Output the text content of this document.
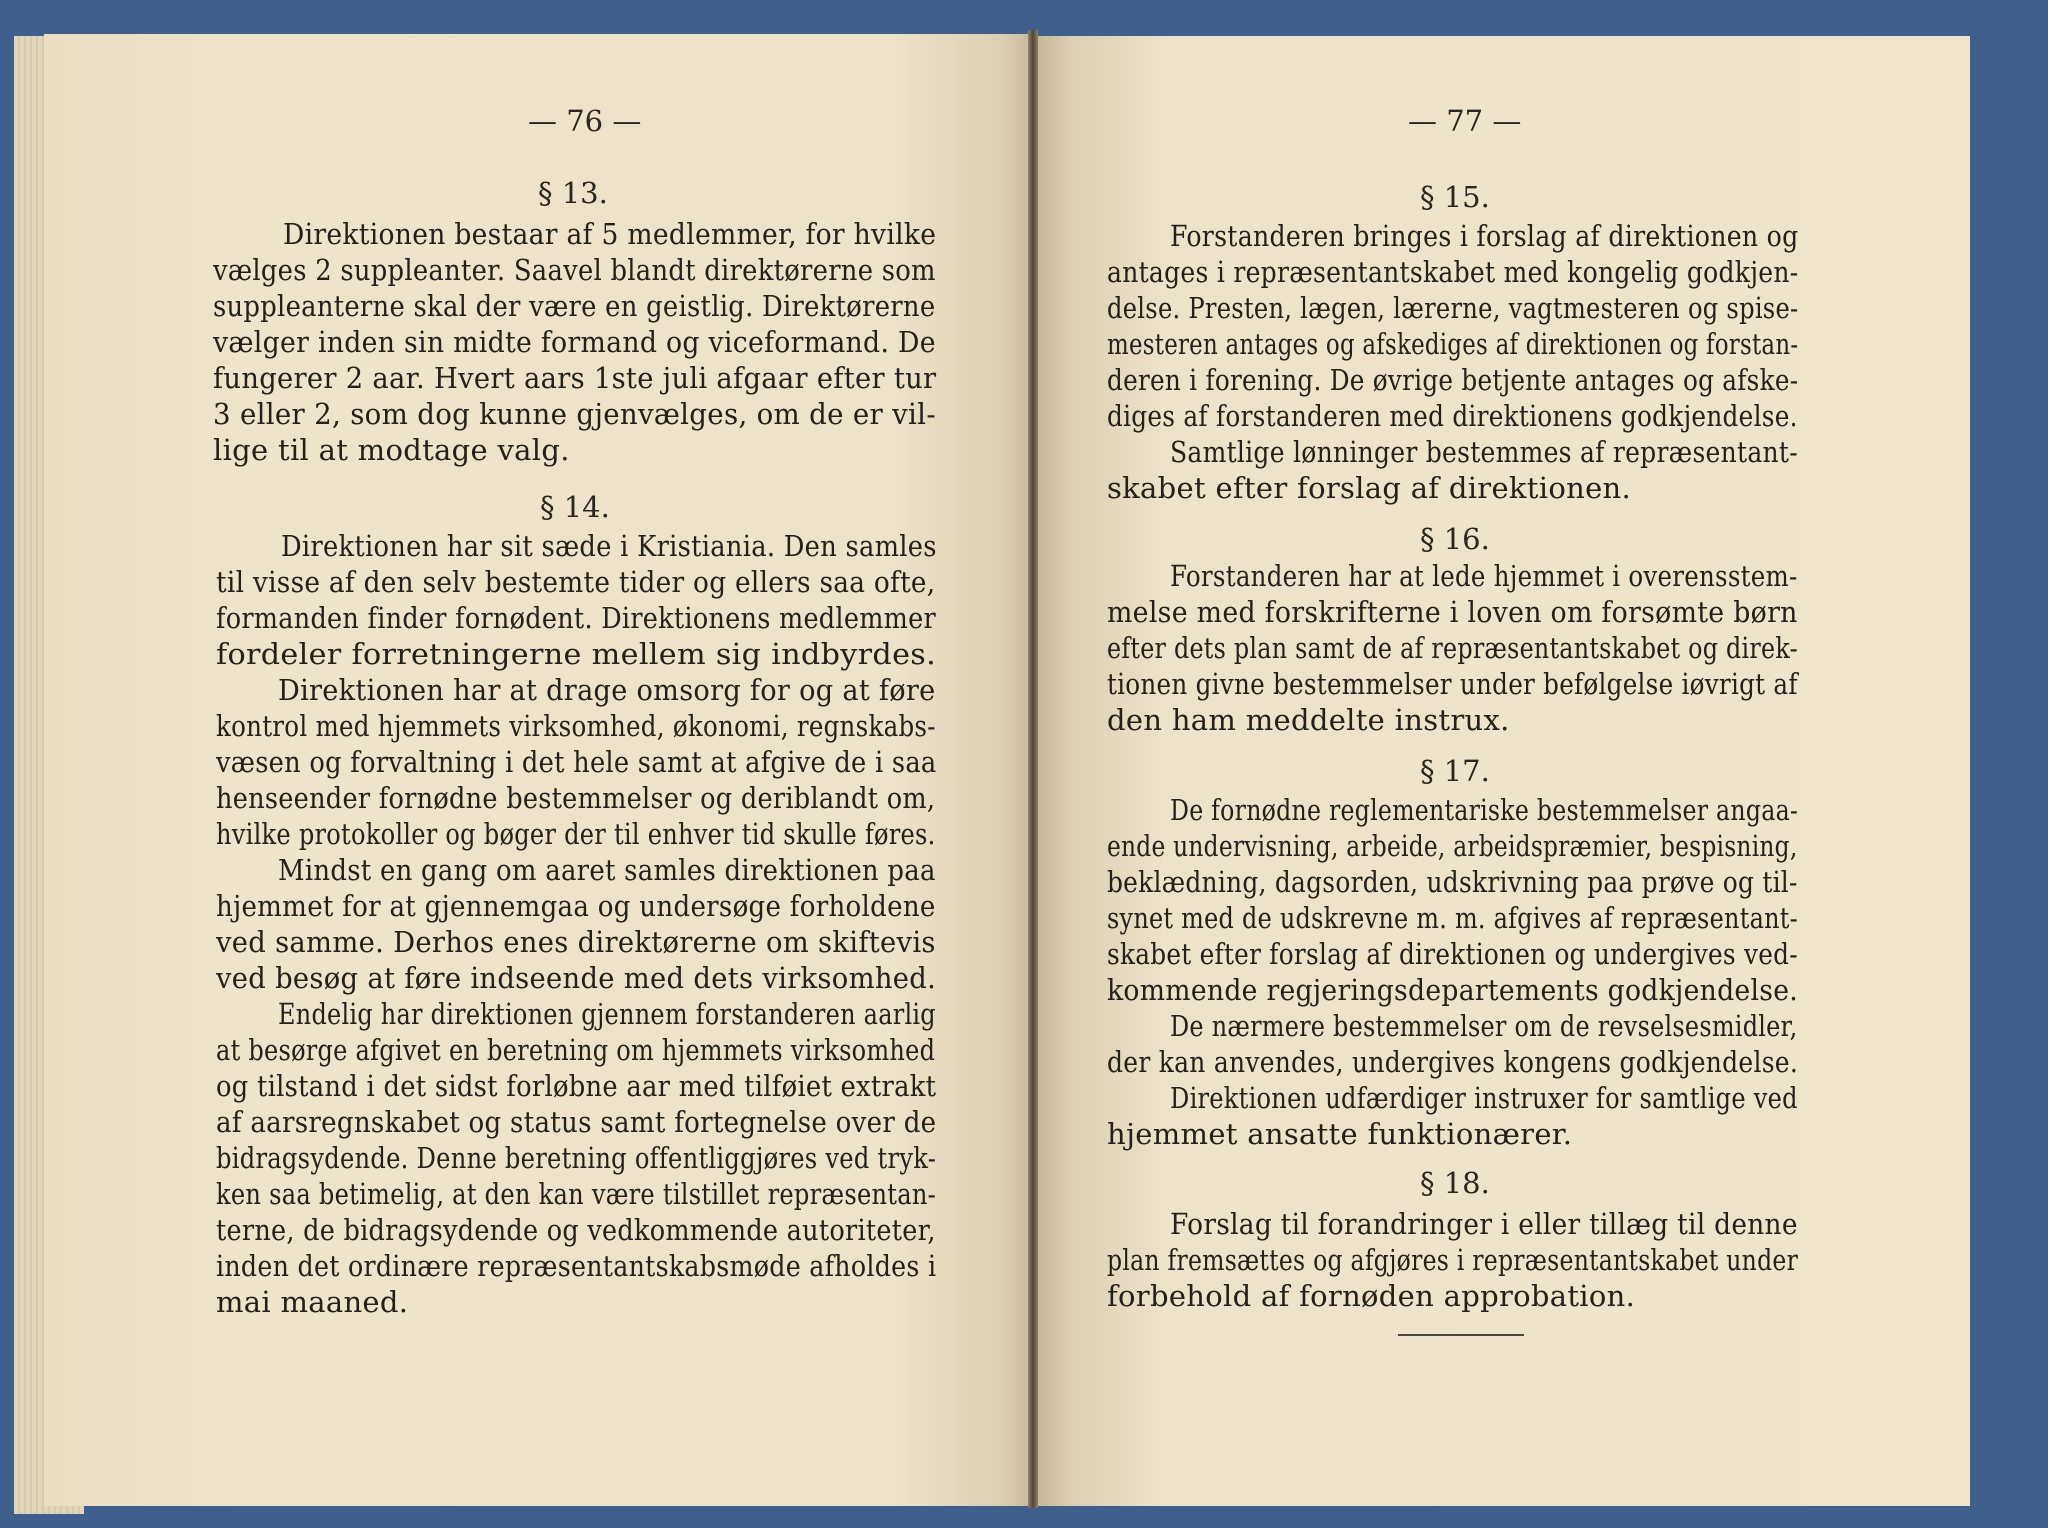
— 76 —	— 77 —
§ 13.
Direktionen bestaar af 5 medlemmer, for hvilke
vælges 2 suppleanter. Saavel blandt direktørerne som
suppleanterne skal der være en geistlig. Direktørerne
vælger inden sin midte formand og viceformand. De
fungerer 2 aar. Hvert aars 1ste juli afgaar efter tur
3 eller 2, som dog kunne gjenvælges, om de er vil-
lige til at modtage valg.
§ 14.
Direktionen har sit sæde i Kristiania. Den samles
til visse af den selv bestemte tider og ellers saa ofte,
formanden finder fornødent. Direktionens medlemmer
fordeler forretningerne mellem sig indbyrdes.
Direktionen har at drage omsorg for og at føre
kontrol med hjemmets virksomhed, økonomi, regnskabs-
væsen og forvaltning i det hele samt at afgive de i saa
henseender fornødne bestemmelser og deriblandt om,
hvilke protokoller og bøger der til enhver tid skulle føres.
Mindst en gang om aaret samles direktionen paa
hjemmet for at gjennemgaa og undersøge forholdene
ved samme. Derhos enes direktørerne om skiftevis
ved besøg at føre indseende med dets virksomhed.
Endelig har direktionen gjennem forstanderen aarlig
at besørge afgivet en beretning om hjemmets virksomhed
og tilstand i det sidst forløbne aar med tilføiet extrakt
af aarsregnskabet og status samt fortegnelse over de
bidragsydende. Denne beretning offentliggjøres ved tryk-
ken saa betimelig, at den kan være tilstillet repræsentan-
terne, de bidragsydende og vedkommende autoriteter,
inden det ordinære repræsentantskabsmøde afholdes i
mai maaned.
§ 15.
Forstanderen bringes i forslag af direktionen og
antages i repræsentantskabet med kongelig godkjen-
delse. Presten, lægen, lærerne, vagtmesteren og spise-
mesteren antages og afskediges af direktionen og forstan-
deren i forening. De øvrige betjente antages og afske-
diges af forstanderen med direktionens godkjendelse.
Samtlige lønninger bestemmes af repræsentant-
skabet efter forslag af direktionen.
§ 16.
Forstanderen har at lede hjemmet i overensstem-
melse med forskrifterne i loven om forsømte børn
efter dets plan samt de af repræsentantskabet og direk-
tionen givne bestemmelser under befølgelse iøvrigt af
den ham meddelte instrux.
§ 17.
De fornødne reglementariske bestemmelser angaa-
ende undervisning, arbeide, arbeidspræmier, bespisning,
beklædning, dagsorden, udskrivning paa prøve og til-
synet med de udskrevne m. m. afgives af repræsentant-
skabet efter forslag af direktionen og undergives ved-
kommende regjeringsdepartements godkjendelse.
De nærmere bestemmelser om de revselsesmidler,
der kan anvendes, undergives kongens godkjendelse.
Direktionen udfærdiger instruxer for samtlige ved
hjemmet ansatte funktionærer.
§ 18.
Forslag til forandringer i eller tillæg til denne
plan fremsættes og afgjøres i repræsentantskabet under
forbehold af fornøden approbation.
